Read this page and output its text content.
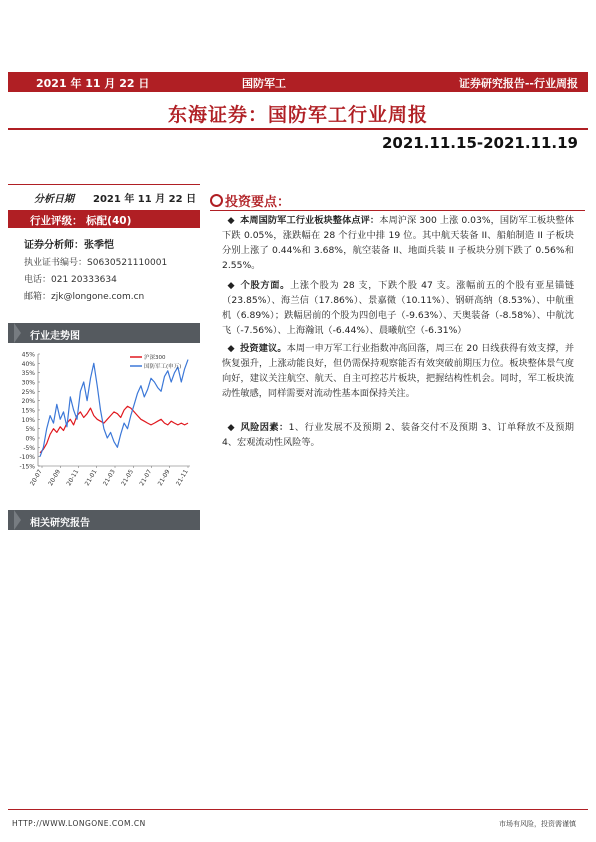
2021 年 11 月 22 日	国防军工	证券研究报告--行业周报
东海证券：国防军工行业周报
2021.11.15-2021.11.19
分析日期 2021 年 11 月 22 日
行业评级： 标配(40)
证券分析师：张季恺
执业证书编号：S0630521110001
电话：021 20333634
邮箱：zjk@longone.com.cn
行业走势图
-15%
-10%
-5%
0%
5%
10%
15%
20%
25%
30%
35%
40%
45%
20-07 20-09 20-11 21-01 21-03 21-05 21-07 21-09 21-11
沪深300
国防军工(申万)
相关研究报告
投资要点：
◆ 本周国防军工行业板块整体点评：本周沪深 300 上涨 0.03%，国防军工板块整体下跌 0.05%，涨跌幅在 28 个行业中排 19 位。其中航天装备 II、船舶制造 II 子板块分别上涨了 0.44%和 3.68%，航空装备 II、地面兵装 II 子板块分别下跌了 0.56%和 2.55%。
◆ 个股方面。上涨个股为 28 支，下跌个股 47 支。涨幅前五的个股有亚星锚链（23.85%）、海兰信（17.86%）、景嘉微（10.11%）、钢研高纳（8.53%）、中航重机（6.89%）；跌幅居前的个股为四创电子（-9.63%）、天奥装备（-8.58%）、中航沈飞（-7.56%）、上海瀚讯（-6.44%）、晨曦航空（-6.31%）
◆ 投资建议。本周一申万军工行业指数冲高回落，周三在 20 日线获得有效支撑，并恢复强升，上涨动能良好，但仍需保持观察能否有效突破前期压力位。板块整体景气度向好，建议关注航空、航天、自主可控芯片板块，把握结构性机会。同时，军工板块流动性敏感，同样需要对流动性基本面保持关注。
◆ 风险因素：1、行业发展不及预期 2、装备交付不及预期 3、订单释放不及预期 4、宏观流动性风险等。
HTTP://WWW.LONGONE.COM.CN	市场有风险，投资需谨慎
